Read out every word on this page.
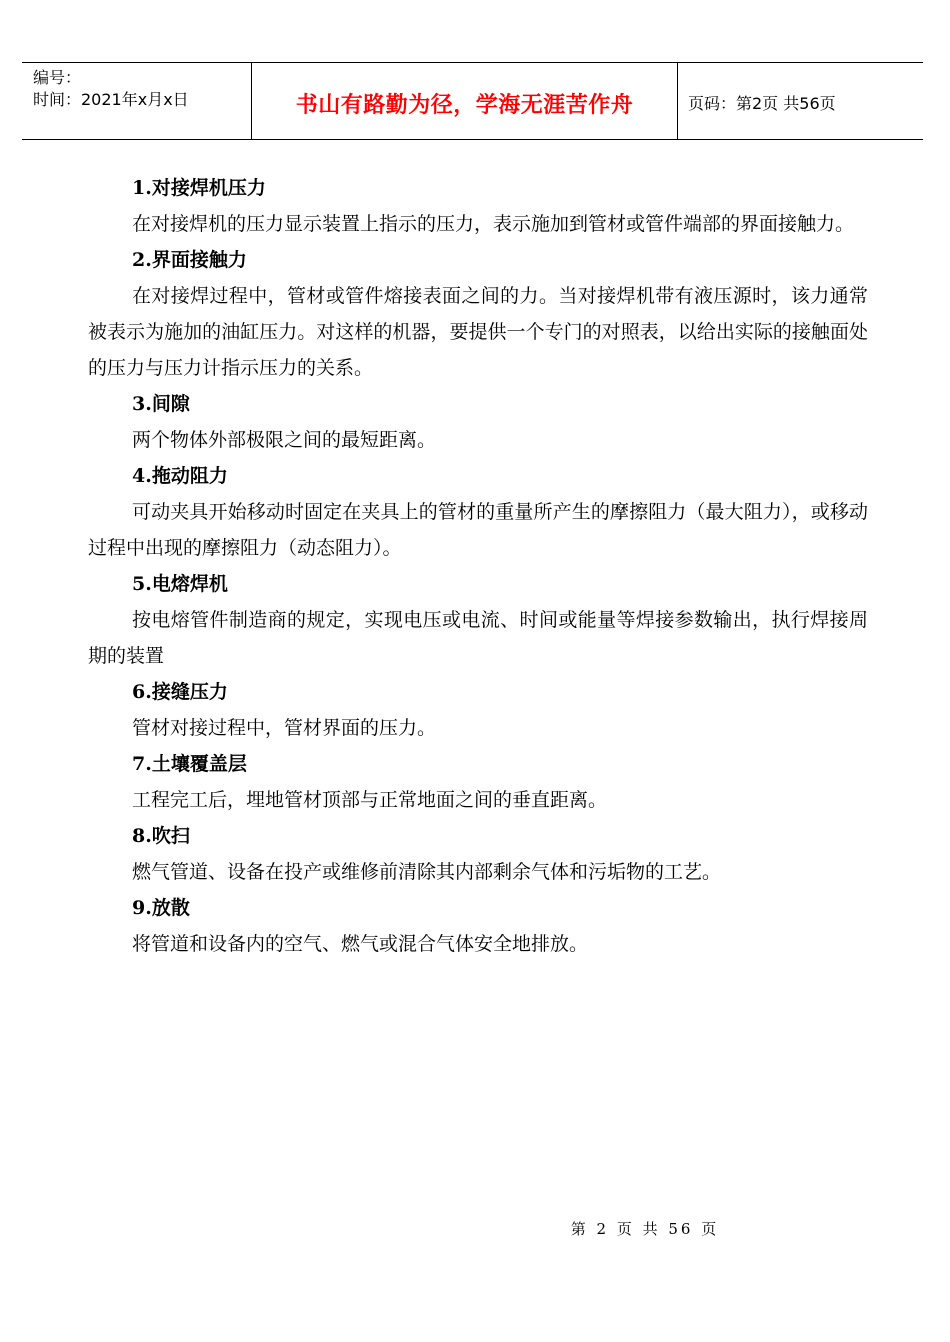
编号：
时间：2021年x月x日	书山有路勤为径，学海无涯苦作舟	页码：第2页 共56页

1.对接焊机压力

在对接焊机的压力显示装置上指示的压力，表示施加到管材或管件端部的界面接触力。

2.界面接触力

在对接焊过程中，管材或管件熔接表面之间的力。当对接焊机带有液压源时，该力通常被表示为施加的油缸压力。对这样的机器，要提供一个专门的对照表，以给出实际的接触面处的压力与压力计指示压力的关系。

3.间隙

两个物体外部极限之间的最短距离。

4.拖动阻力

可动夹具开始移动时固定在夹具上的管材的重量所产生的摩擦阻力（最大阻力），或移动过程中出现的摩擦阻力（动态阻力）。

5.电熔焊机

按电熔管件制造商的规定，实现电压或电流、时间或能量等焊接参数输出，执行焊接周期的装置

6.接缝压力

管材对接过程中，管材界面的压力。

7.土壤覆盖层

工程完工后，埋地管材顶部与正常地面之间的垂直距离。

8.吹扫

燃气管道、设备在投产或维修前清除其内部剩余气体和污垢物的工艺。

9.放散

将管道和设备内的空气、燃气或混合气体安全地排放。

第 2 页 共 56 页
